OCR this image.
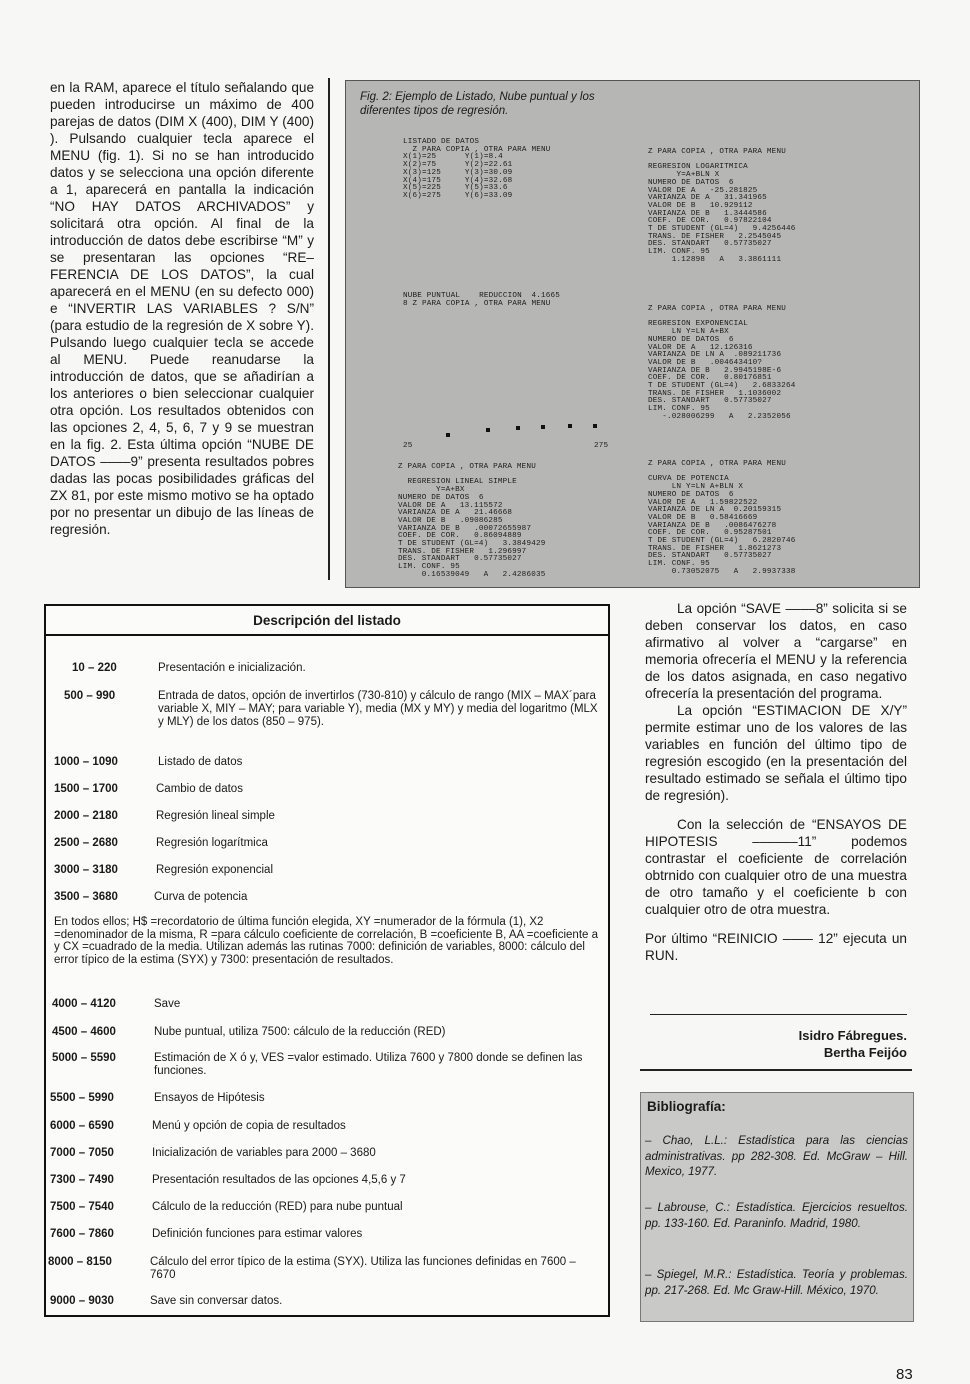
en la RAM, aparece el título señalando que pueden introducirse un máximo de 400 parejas de datos (DIM X (400), DIM Y (400) ). Pulsando cualquier tecla aparece el MENU (fig. 1). Si no se han introducido datos y se selecciona una opción diferente a 1, aparecerá en pantalla la indicación “NO HAY DATOS ARCHIVADOS” y solicitará otra opción. Al final de la introducción de datos debe escribirse “M” y se presentaran las opciones “RE– FERENCIA DE LOS DATOS”, la cual aparecerá en el MENU (en su defecto 000) e “INVERTIR LAS VARIABLES ? S/N” (para estudio de la regresión de X sobre Y). Pulsando luego cualquier tecla se accede al MENU. Puede reanudarse la introducción de datos, que se añadirían a los anteriores o bien seleccionar cualquier otra opción. Los resultados obtenidos con las opciones 2, 4, 5, 6, 7 y 9 se muestran en la fig. 2. Esta última opción “NUBE DE DATOS ––––9” presenta resultados pobres dadas las pocas posibilidades gráficas del ZX 81, por este mismo motivo se ha optado por no presentar un dibujo de las líneas de regresión.

Fig. 2: Ejemplo de Listado, Nube puntual y los diferentes tipos de regresión.
LISTADO DE DATOS
Z PARA COPIA , OTRA PARA MENU
X(1)=25      Y(1)=8.4
X(2)=75      Y(2)=22.61
X(3)=125     Y(3)=30.09
X(4)=175     Y(4)=32.68
X(5)=225     Y(5)=33.6
X(6)=275     Y(6)=33.09
Z PARA COPIA , OTRA PARA MENU

REGRESION LOGARITMICA
Y=A+BLN X
NUMERO DE DATOS  6
VALOR DE A   -25.281825
VARIANZA DE A   31.341965
VALOR DE B   10.929112
VARIANZA DE B   1.3444586
COEF. DE COR.   0.97822104
T DE STUDENT (GL=4)   9.4256446
TRANS. DE FISHER   2.2545045
DES. STANDART   0.57735027
LIM. CONF. 95
1.12898   A   3.3861111
NUBE PUNTUAL    REDUCCION  4.1665
8 Z PARA COPIA , OTRA PARA MENU
25	275
Z PARA COPIA , OTRA PARA MENU

REGRESION EXPONENCIAL
LN Y=LN A+BX
NUMERO DE DATOS  6
VALOR DE A   12.126316
VARIANZA DE LN A  .089211736
VALOR DE B   .004643410?
VARIANZA DE B   2.9945198E-6
COEF. DE COR.   0.80176851
T DE STUDENT (GL=4)   2.6833264
TRANS. DE FISHER   1.1036002
DES. STANDART   0.57735027
LIM. CONF. 95
-.028006299   A   2.2352056
Z PARA COPIA , OTRA PARA MENU

REGRESION LINEAL SIMPLE
Y=A+BX
NUMERO DE DATOS  6
VALOR DE A   13.115572
VARIANZA DE A   21.46668
VALOR DE B   .09086285
VARIANZA DE B   .00072655987
COEF. DE COR.   0.86094889
T DE STUDENT (GL=4)   3.3849429
TRANS. DE FISHER   1.296997
DES. STANDART   0.57735027
LIM. CONF. 95
0.16539049   A   2.4286035
Z PARA COPIA , OTRA PARA MENU

CURVA DE POTENCIA
LN Y=LN A+BLN X
NUMERO DE DATOS  6
VALOR DE A   1.59822522
VARIANZA DE LN A  0.20159315
VALOR DE B   0.58416669
VARIANZA DE B   .0086476278
COEF. DE COR.   0.95287501
T DE STUDENT (GL=4)   6.2820746
TRANS. DE FISHER   1.8621273
DES. STANDART   0.57735027
LIM. CONF. 95
0.73052075   A   2.9937338
Descripción del listado
10 – 220	Presentación e inicialización.
500 – 990	Entrada de datos, opción de invertirlos (730-810) y cálculo de rango (MIX – MAX´para variable X, MIY – MAY; para variable Y), media (MX y MY) y media del logaritmo (MLX y MLY) de los datos (850 – 975).
1000 – 1090	Listado de datos
1500 – 1700	Cambio de datos
2000 – 2180	Regresión lineal simple
2500 – 2680	Regresión logarítmica
3000 – 3180	Regresión exponencial
3500 – 3680	Curva de potencia
En todos ellos; H$ =recordatorio de última función elegida, XY =numerador de la fórmula (1), X2 =denominador de la misma, R =para cálculo coeficiente de correlación, B =coeficiente B, AA =coeficiente a y CX =cuadrado de la media. Utilizan además las rutinas 7000: definición de variables, 8000: cálculo del error típico de la estima (SYX) y 7300: presentación de resultados.
4000 – 4120	Save
4500 – 4600	Nube puntual, utiliza 7500: cálculo de la reducción (RED)
5000 – 5590	Estimación de X ó y, VES =valor estimado. Utiliza 7600 y 7800 donde se definen las funciones.
5500 – 5990	Ensayos de Hipótesis
6000 – 6590	Menú y opción de copia de resultados
7000 – 7050	Inicialización de variables para 2000 – 3680
7300 – 7490	Presentación resultados de las opciones 4,5,6 y 7
7500 – 7540	Cálculo de la reducción (RED) para nube puntual
7600 – 7860	Definición funciones para estimar valores
8000 – 8150	Cálculo del error típico de la estima (SYX). Utiliza las funciones definidas en 7600 – 7670
9000 – 9030	Save sin conversar datos.

La opción “SAVE ––––8” solicita si se deben conservar los datos, en caso afirmativo al volver a “cargarse” en memoria ofrecería el MENU y la referencia de los datos asignada, en caso negativo ofrecería la presentación del programa.

La opción “ESTIMACION DE X/Y” permite estimar uno de los valores de las variables en función del último tipo de regresión escogido (en la presentación del resultado estimado se señala el último tipo de regresión).

Con la selección de “ENSAYOS DE HIPOTESIS ––––––11” podemos contrastar el coeficiente de correlación obtrnido con cualquier otro de una muestra de otro tamaño y el coeficiente b con cualquier otro de otra muestra.

Por último “REINICIO –––– 12” ejecuta un RUN.

Isidro Fábregues.
Bertha Feijóo
Bibliografía:
– Chao, L.L.: Estadística para las ciencias administrativas. pp 282-308. Ed. McGraw – Hill. Mexico, 1977.
– Labrouse, C.: Estadística. Ejercicios resueltos. pp. 133-160. Ed. Paraninfo. Madrid, 1980.
– Spiegel, M.R.: Estadística. Teoría y problemas. pp. 217-268. Ed. Mc Graw-Hill. México, 1970.
83
